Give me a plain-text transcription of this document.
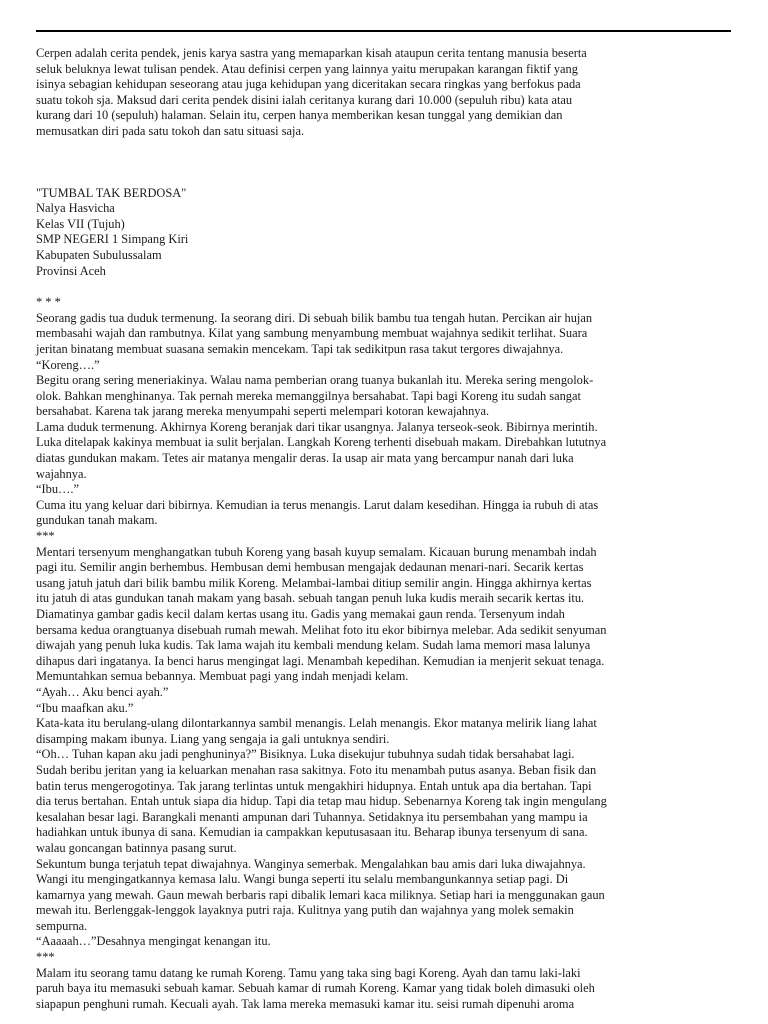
Cerpen adalah cerita pendek, jenis karya sastra yang memaparkan kisah ataupun cerita tentang manusia beserta
seluk beluknya lewat tulisan pendek. Atau definisi cerpen yang lainnya yaitu merupakan karangan fiktif yang
isinya sebagian kehidupan seseorang atau juga kehidupan yang diceritakan secara ringkas yang berfokus pada
suatu tokoh sja. Maksud dari cerita pendek disini ialah ceritanya kurang dari 10.000 (sepuluh ribu) kata atau
kurang dari 10 (sepuluh) halaman. Selain itu, cerpen hanya memberikan kesan tunggal yang demikian dan
memusatkan diri pada satu tokoh dan satu situasi saja.
"TUMBAL TAK BERDOSA"
Nalya Hasvicha
Kelas VII (Tujuh)
SMP NEGERI 1 Simpang Kiri
Kabupaten Subulussalam
Provinsi Aceh
* * *
Seorang gadis tua duduk termenung. Ia seorang diri. Di sebuah bilik bambu tua tengah hutan. Percikan air hujan
membasahi wajah dan rambutnya. Kilat yang sambung menyambung membuat wajahnya sedikit terlihat. Suara
jeritan binatang membuat suasana semakin mencekam. Tapi tak sedikitpun rasa takut tergores diwajahnya.
“Koreng….”
Begitu orang sering meneriakinya. Walau nama pemberian orang tuanya bukanlah itu. Mereka sering mengolok-
olok. Bahkan menghinanya. Tak pernah mereka memanggilnya bersahabat. Tapi bagi Koreng itu sudah sangat
bersahabat. Karena tak jarang mereka menyumpahi seperti melempari kotoran kewajahnya.
Lama duduk termenung. Akhirnya Koreng beranjak dari tikar usangnya. Jalanya terseok-seok. Bibirnya merintih.
Luka ditelapak kakinya membuat ia sulit berjalan. Langkah Koreng terhenti disebuah makam. Direbahkan lututnya
diatas gundukan makam. Tetes air matanya mengalir deras. Ia usap air mata yang bercampur nanah dari luka
wajahnya.
“Ibu….”
Cuma itu yang keluar dari bibirnya. Kemudian ia terus menangis. Larut dalam kesedihan. Hingga ia rubuh di atas
gundukan tanah makam.
***
Mentari tersenyum menghangatkan tubuh Koreng yang basah kuyup semalam. Kicauan burung menambah indah
pagi itu. Semilir angin berhembus. Hembusan demi hembusan mengajak dedaunan menari-nari. Secarik kertas
usang jatuh jatuh dari bilik bambu milik Koreng. Melambai-lambai ditiup semilir angin. Hingga akhirnya kertas
itu jatuh di atas gundukan tanah makam yang basah. sebuah tangan penuh luka kudis meraih secarik kertas itu.
Diamatinya gambar gadis kecil dalam kertas usang itu. Gadis yang memakai gaun renda. Tersenyum indah
bersama kedua orangtuanya disebuah rumah mewah. Melihat foto itu ekor bibirnya melebar. Ada sedikit senyuman
diwajah yang penuh luka kudis. Tak lama wajah itu kembali mendung kelam. Sudah lama memori masa lalunya
dihapus dari ingatanya. Ia benci harus mengingat lagi. Menambah kepedihan. Kemudian ia menjerit sekuat tenaga.
Memuntahkan semua bebannya. Membuat pagi yang indah menjadi kelam.
“Ayah… Aku benci ayah.”
“Ibu maafkan aku.”
Kata-kata itu berulang-ulang dilontarkannya sambil menangis. Lelah menangis. Ekor matanya melirik liang lahat
disamping makam ibunya. Liang yang sengaja ia gali untuknya sendiri.
“Oh… Tuhan kapan aku jadi penghuninya?” Bisiknya. Luka disekujur tubuhnya sudah tidak bersahabat lagi.
Sudah beribu jeritan yang ia keluarkan menahan rasa sakitnya. Foto itu menambah putus asanya. Beban fisik dan
batin terus mengerogotinya. Tak jarang terlintas untuk mengakhiri hidupnya. Entah untuk apa dia bertahan. Tapi
dia terus bertahan. Entah untuk siapa dia hidup. Tapi dia tetap mau hidup. Sebenarnya Koreng tak ingin mengulang
kesalahan besar lagi. Barangkali menanti ampunan dari Tuhannya. Setidaknya itu persembahan yang mampu ia
hadiahkan untuk ibunya di sana. Kemudian ia campakkan keputusasaan itu. Beharap ibunya tersenyum di sana.
walau goncangan batinnya pasang surut.
Sekuntum bunga terjatuh tepat diwajahnya. Wanginya semerbak. Mengalahkan bau amis dari luka diwajahnya.
Wangi itu mengingatkannya kemasa lalu. Wangi bunga seperti itu selalu membangunkannya setiap pagi. Di
kamarnya yang mewah. Gaun mewah berbaris rapi dibalik lemari kaca miliknya. Setiap hari ia menggunakan gaun
mewah itu. Berlenggak-lenggok layaknya putri raja. Kulitnya yang putih dan wajahnya yang molek semakin
sempurna.
“Aaaaah…”Desahnya mengingat kenangan itu.
***
Malam itu seorang tamu datang ke rumah Koreng. Tamu yang taka sing bagi Koreng. Ayah dan tamu laki-laki
paruh baya itu memasuki sebuah kamar. Sebuah kamar di rumah Koreng. Kamar yang tidak boleh dimasuki oleh
siapapun penghuni rumah. Kecuali ayah. Tak lama mereka memasuki kamar itu. seisi rumah dipenuhi aroma
